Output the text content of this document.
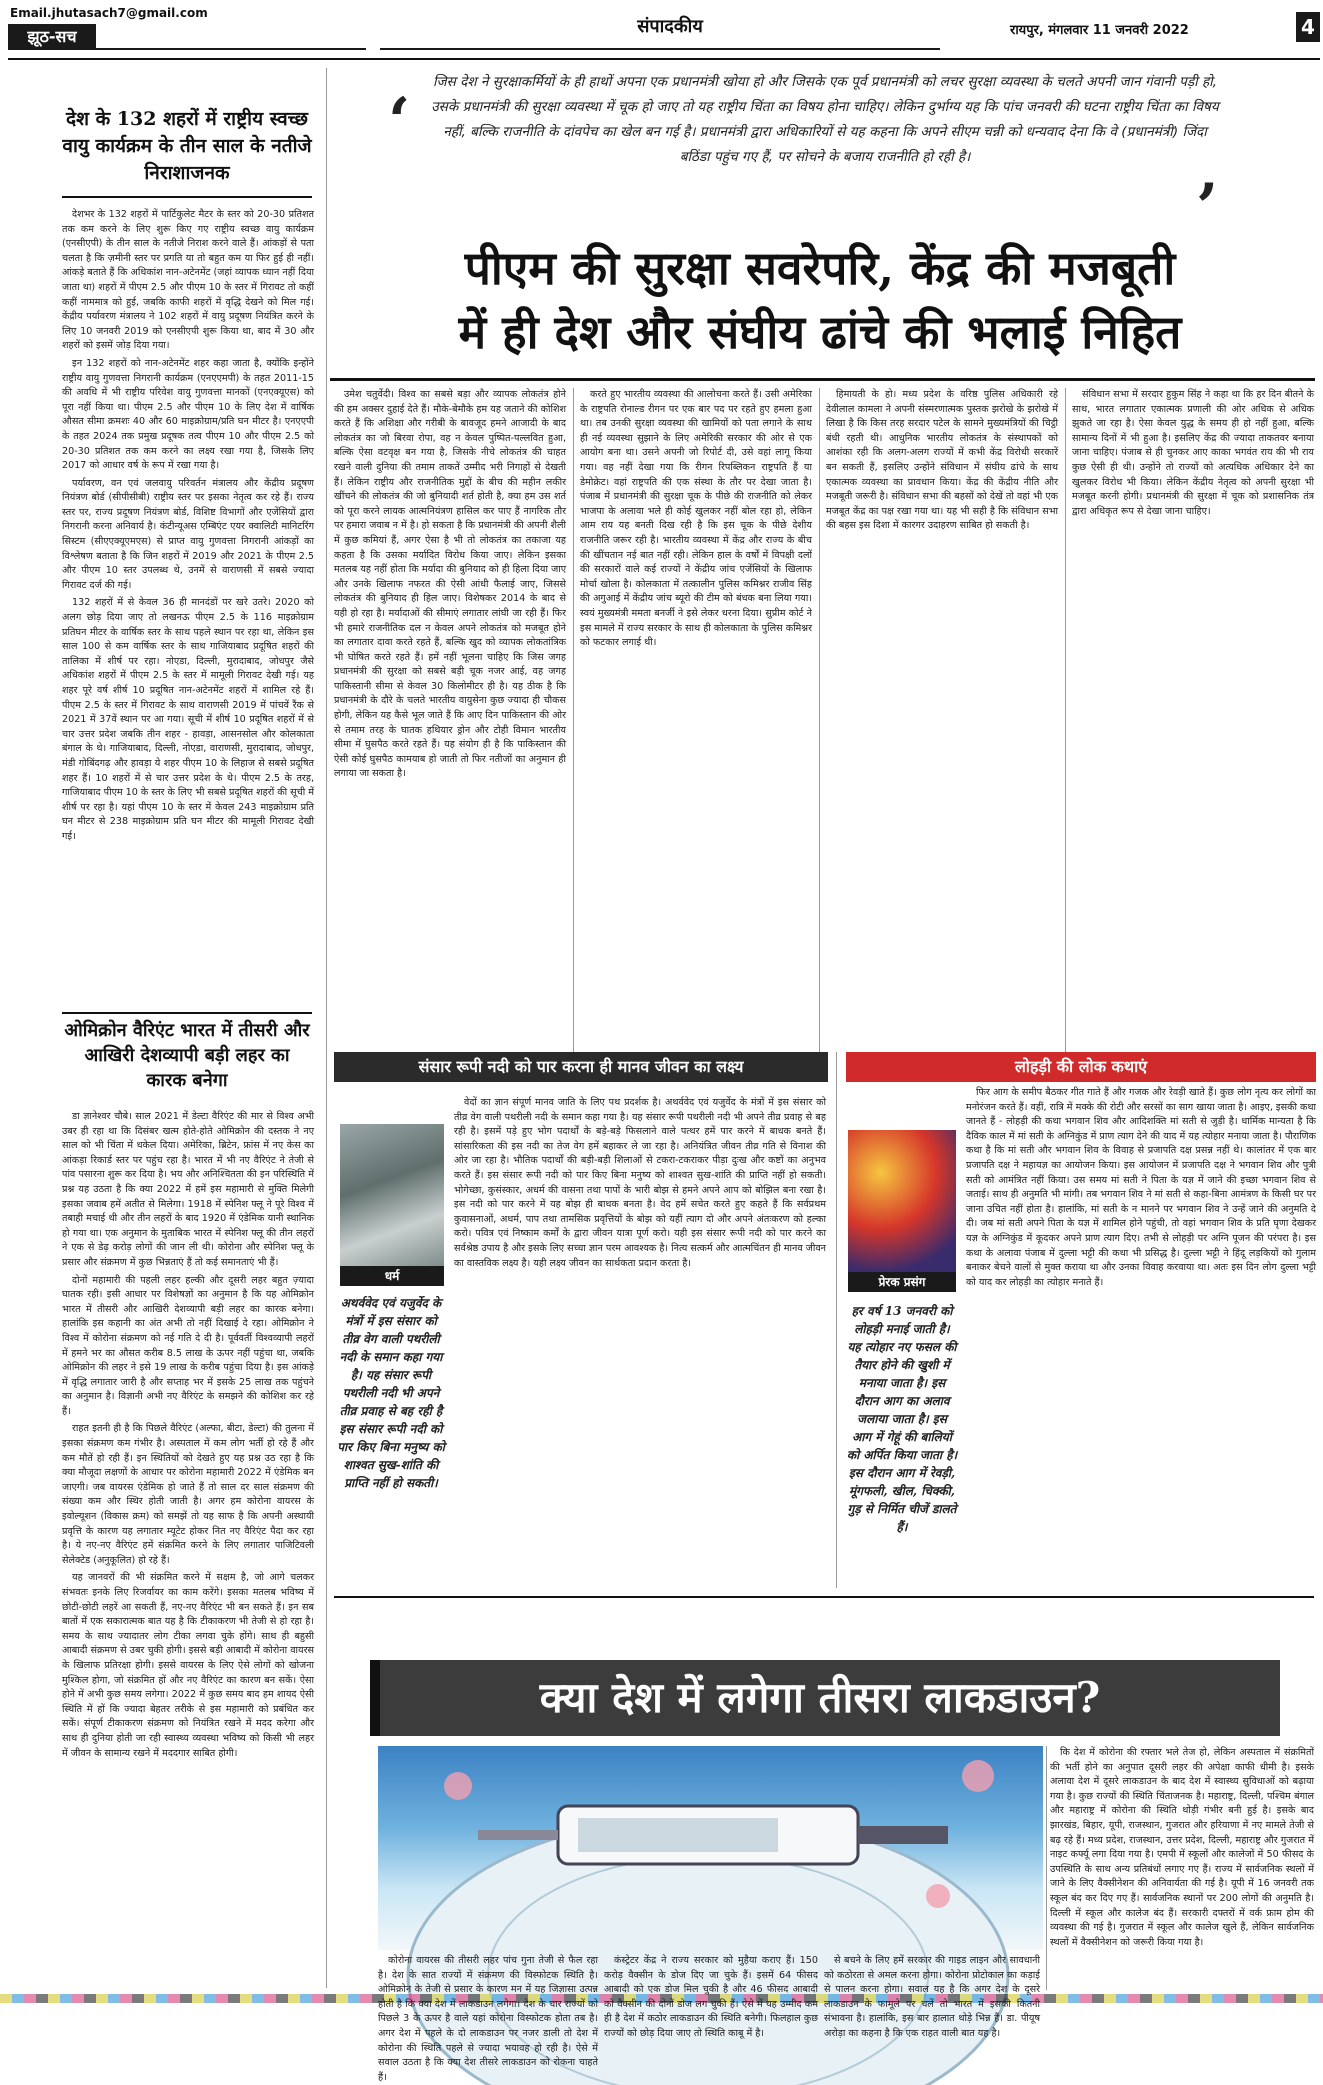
Email.jhutasach7@gmail.com
झूठ-सच	संपादकीय	रायपुर, मंगलवार 11 जनवरी 2022	4
देश के 132 शहरों में राष्ट्रीय स्वच्छ वायु कार्यक्रम के तीन साल के नतीजे निराशाजनक

देशभर के 132 शहरों में पार्टिकुलेट मैटर के स्तर को 20-30 प्रतिशत तक कम करने के लिए शुरू किए गए राष्ट्रीय स्वच्छ वायु कार्यक्रम (एनसीएपी) के तीन साल के नतीजे निराश करने वाले हैं। आंकड़ों से पता चलता है कि ज़मीनी स्तर पर प्रगति या तो बहुत कम या फिर हुई ही नहीं। आंकड़े बताते हैं कि अधिकांश नान-अटेनमेंट (जहां व्यापक ध्यान नहीं दिया जाता था) शहरों में पीएम 2.5 और पीएम 10 के स्तर में गिरावट तो कहीं कहीं नाममात्र को हुई, जबकि काफी शहरों में वृद्धि देखने को मिल गई। केंद्रीय पर्यावरण मंत्रालय ने 102 शहरों में वायु प्रदूषण नियंत्रित करने के लिए 10 जनवरी 2019 को एनसीएपी शुरू किया था, बाद में 30 और शहरों को इसमें जोड़ दिया गया।

इन 132 शहरों को नान-अटेनमेंट शहर कहा जाता है, क्योंकि इन्होंने राष्ट्रीय वायु गुणवत्ता निगरानी कार्यक्रम (एनएएमपी) के तहत 2011-15 की अवधि में भी राष्ट्रीय परिवेश वायु गुणवत्ता मानकों (एनएक्यूएस) को पूरा नहीं किया था। पीएम 2.5 और पीएम 10 के लिए देश में वार्षिक औसत सीमा क्रमशः 40 और 60 माइक्रोग्राम/प्रति घन मीटर है। एनएएपी के तहत 2024 तक प्रमुख प्रदूषक तत्व पीएम 10 और पीएम 2.5 को 20-30 प्रतिशत तक कम करने का लक्ष्य रखा गया है, जिसके लिए 2017 को आधार वर्ष के रूप में रखा गया है।

पर्यावरण, वन एवं जलवायु परिवर्तन मंत्रालय और केंद्रीय प्रदूषण नियंत्रण बोर्ड (सीपीसीबी) राष्ट्रीय स्तर पर इसका नेतृत्व कर रहे हैं। राज्य स्तर पर, राज्य प्रदूषण नियंत्रण बोर्ड, विशिष्ट विभागों और एजेंसियों द्वारा निगरानी करना अनिवार्य है। कंटीन्यूअस एम्बिएंट एयर क्वालिटी मानिटरिंग सिस्टम (सीएएक्यूएमएस) से प्राप्त वायु गुणवत्ता निगरानी आंकड़ों का विश्लेषण बताता है कि जिन शहरों में 2019 और 2021 के पीएम 2.5 और पीएम 10 स्तर उपलब्ध थे, उनमें से वाराणसी में सबसे ज्यादा गिरावट दर्ज की गई।

132 शहरों में से केवल 36 ही मानदंडों पर खरे उतरे। 2020 को अलग छोड़ दिया जाए तो लखनऊ पीएम 2.5 के 116 माइक्रोग्राम प्रतिघन मीटर के वार्षिक स्तर के साथ पहले स्थान पर रहा था, लेकिन इस साल 100 से कम वार्षिक स्तर के साथ गाजियाबाद प्रदूषित शहरों की तालिका में शीर्ष पर रहा। नोएडा, दिल्ली, मुरादाबाद, जोधपुर जैसे अधिकांश शहरों में पीएम 2.5 के स्तर में मामूली गिरावट देखी गई। यह शहर पूरे वर्ष शीर्ष 10 प्रदूषित नान-अटेनमेंट शहरों में शामिल रहे हैं। पीएम 2.5 के स्तर में गिरावट के साथ वाराणसी 2019 में पांचवें रैंक से 2021 में 37वें स्थान पर आ गया। सूची में शीर्ष 10 प्रदूषित शहरों में से चार उत्तर प्रदेश जबकि तीन शहर - हावड़ा, आसनसोल और कोलकाता बंगाल के थे। गाजियाबाद, दिल्ली, नोएडा, वाराणसी, मुरादाबाद, जोधपुर, मंडी गोबिंदगढ़ और हावड़ा ये शहर पीएम 10 के लिहाज से सबसे प्रदूषित शहर हैं। 10 शहरों में से चार उत्तर प्रदेश के थे। पीएम 2.5 के तरह, गाजियाबाद पीएम 10 के स्तर के लिए भी सबसे प्रदूषित शहरों की सूची में शीर्ष पर रहा है। यहां पीएम 10 के स्तर में केवल 243 माइक्रोग्राम प्रति घन मीटर से 238 माइक्रोग्राम प्रति घन मीटर की मामूली गिरावट देखी गई।

ओमिक्रोन वैरिएंट भारत में तीसरी और आखिरी देशव्यापी बड़ी लहर का कारक बनेगा

डा ज्ञानेश्वर चौबे। साल 2021 में डेल्टा वैरिएंट की मार से विश्व अभी उबर ही रहा था कि दिसंबर खत्म होते-होते ओमिक्रोन की दस्तक ने नए साल को भी चिंता में धकेल दिया। अमेरिका, ब्रिटेन, फ्रांस में नए केस का आंकड़ा रिकार्ड स्तर पर पहुंच रहा है। भारत में भी नए वैरिएंट ने तेजी से पांव पसारना शुरू कर दिया है। भय और अनिश्चितता की इन परिस्थिति में प्रश्न यह उठता है कि क्या 2022 में हमें इस महामारी से मुक्ति मिलेगी इसका जवाब हमें अतीत से मिलेगा। 1918 में स्पेनिश फ्लू ने पूरे विश्व में तबाही मचाई थी और तीन लहरों के बाद 1920 में एंडेमिक यानी स्थानिक हो गया था। एक अनुमान के मुताबिक भारत में स्पेनिश फ्लू की तीन लहरों ने एक से डेढ़ करोड़ लोगों की जान ली थी। कोरोना और स्पेनिश फ्लू के प्रसार और संक्रमण में कुछ भिन्नताएं हैं तो कई समानताएं भी हैं।

दोनों महामारी की पहली लहर हल्की और दूसरी लहर बहुत ज़्यादा घातक रही। इसी आधार पर विशेषज्ञों का अनुमान है कि यह ओमिक्रोन भारत में तीसरी और आखिरी देशव्यापी बड़ी लहर का कारक बनेगा। हालांकि इस कहानी का अंत अभी तो नहीं दिखाई दे रहा। ओमिक्रोन ने विश्व में कोरोना संक्रमण को नई गति दे दी है। पूर्ववर्ती विश्वव्यापी लहरों में हमने भर का औसत करीब 8.5 लाख के ऊपर नहीं पहुंचा था, जबकि ओमिक्रोन की लहर ने इसे 19 लाख के करीब पहुंचा दिया है। इस आंकड़े में वृद्धि लगातार जारी है और सप्ताह भर में इसके 25 लाख तक पहुंचने का अनुमान है। विज्ञानी अभी नए वैरिएंट के समझने की कोशिश कर रहे हैं।

राहत इतनी ही है कि पिछले वैरिएंट (अल्फा, बीटा, डेल्टा) की तुलना में इसका संक्रमण कम गंभीर है। अस्पताल में कम लोग भर्ती हो रहे हैं और कम मौतें हो रही हैं। इन स्थितियों को देखते हुए यह प्रश्न उठ रहा है कि क्या मौजूदा लक्षणों के आधार पर कोरोना महामारी 2022 में एंडेमिक बन जाएगी। जब वायरस एंडेमिक हो जाते हैं तो साल दर साल संक्रमण की संख्या कम और स्थिर होती जाती है। अगर हम कोरोना वायरस के इवोल्यूशन (विकास क्रम) को समझें तो यह साफ है कि अपनी अस्थायी प्रवृत्ति के कारण यह लगातार म्यूटेट होकर नित नए वैरिएंट पैदा कर रहा है। ये नए-नए वैरिएंट हमें संक्रमित करने के लिए लगातार पाजिटिवली सेलेक्टेड (अनुकूलित) हो रहे हैं।

यह जानवरों की भी संक्रमित करने में सक्षम है, जो आगे चलकर संभवतः इनके लिए रिजर्वायर का काम करेंगे। इसका मतलब भविष्य में छोटी-छोटी लहरें आ सकती हैं, नए-नए वैरिएंट भी बन सकते हैं। इन सब बातों में एक सकारात्मक बात यह है कि टीकाकरण भी तेजी से हो रहा है। समय के साथ ज्यादातर लोग टीका लगवा चुके होंगे। साथ ही बहुसी आबादी संक्रमण से उबर चुकी होगी। इससे बड़ी आबादी में कोरोना वायरस के खिलाफ प्रतिरक्षा होगी। इससे वायरस के लिए ऐसे लोगों को खोजना मुश्किल होगा, जो संक्रमित हों और नए वैरिएंट का कारण बन सकें। ऐसा होने में अभी कुछ समय लगेगा। 2022 में कुछ समय बाद हम शायद ऐसी स्थिति में हों कि ज्यादा बेहतर तरीके से इस महामारी को प्रबंधित कर सकें। संपूर्ण टीकाकरण संक्रमण को नियंत्रित रखने में मदद करेगा और साथ ही दुनिया होती जा रही स्वास्थ्य व्यवस्था भविष्य को किसी भी लहर में जीवन के सामान्य रखने में मददगार साबित होगी।

‘
जिस देश ने सुरक्षाकर्मियों के ही हाथों अपना एक प्रधानमंत्री खोया हो और जिसके एक पूर्व प्रधानमंत्री को लचर सुरक्षा व्यवस्था के चलते अपनी जान गंवानी पड़ी हो, उसके प्रधानमंत्री की सुरक्षा व्यवस्था में चूक हो जाए तो यह राष्ट्रीय चिंता का विषय होना चाहिए। लेकिन दुर्भाग्य यह कि पांच जनवरी की घटना राष्ट्रीय चिंता का विषय नहीं, बल्कि राजनीति के दांवपेच का खेल बन गई है। प्रधानमंत्री द्वारा अधिकारियों से यह कहना कि अपने सीएम चन्नी को धन्यवाद देना कि वे (प्रधानमंत्री) जिंदा बठिंडा पहुंच गए हैं, पर सोचने के बजाय राजनीति हो रही है।
’
पीएम की सुरक्षा सवरेपरि, केंद्र की मजबूती
में ही देश और संघीय ढांचे की भलाई निहित

उमेश चतुर्वेदी। विश्व का सबसे बड़ा और व्यापक लोकतंत्र होने की हम अक्सर दुहाई देते हैं। मौके-बेमौके हम यह जताने की कोशिश करते हैं कि अशिक्षा और गरीबी के बावजूद हमने आजादी के बाद लोकतंत्र का जो बिरवा रोपा, वह न केवल पुष्पित-पल्लवित हुआ, बल्कि ऐसा वटवृक्ष बन गया है, जिसके नीचे लोकतंत्र की चाहत रखने वाली दुनिया की तमाम ताकतें उम्मीद भरी निगाहों से देखती हैं। लेकिन राष्ट्रीय और राजनीतिक मुद्दों के बीच की महीन लकीर खींचने की लोकतंत्र की जो बुनियादी शर्त होती है, क्या हम उस शर्त को पूरा करने लायक आत्मनियंत्रण हासिल कर पाए हैं नागरिक तौर पर हमारा जवाब न में है। हो सकता है कि प्रधानमंत्री की अपनी शैली में कुछ कमियां हैं, अगर ऐसा है भी तो लोकतंत्र का तकाजा यह कहता है कि उसका मर्यादित विरोध किया जाए। लेकिन इसका मतलब यह नहीं होता कि मर्यादा की बुनियाद को ही हिला दिया जाए और उनके खिलाफ नफरत की ऐसी आंधी फैलाई जाए, जिससे लोकतंत्र की बुनियाद ही हिल जाए। विशेषकर 2014 के बाद से यही हो रहा है। मर्यादाओं की सीमाएं लगातार लांघी जा रही हैं। फिर भी हमारे राजनीतिक दल न केवल अपने लोकतंत्र को मजबूत होने का लगातार दावा करते रहते हैं, बल्कि खुद को व्यापक लोकतांत्रिक भी घोषित करते रहते हैं। हमें नहीं भूलना चाहिए कि जिस जगह प्रधानमंत्री की सुरक्षा को सबसे बड़ी चूक नजर आई, वह जगह पाकिस्तानी सीमा से केवल 30 किलोमीटर ही है। यह ठीक है कि प्रधानमंत्री के दौरे के चलते भारतीय वायुसेना कुछ ज्यादा ही चौकस होगी, लेकिन यह कैसे भूल जाते हैं कि आए दिन पाकिस्तान की ओर से तमाम तरह के घातक हथियार ड्रोन और टोही विमान भारतीय सीमा में घुसपैठ करते रहते हैं। यह संयोग ही है कि पाकिस्तान की ऐसी कोई घुसपैठ कामयाब हो जाती तो फिर नतीजों का अनुमान ही लगाया जा सकता है।

करते हुए भारतीय व्यवस्था की आलोचना करते हैं। उसी अमेरिका के राष्ट्रपति रोनाल्ड रीगन पर एक बार पद पर रहते हुए हमला हुआ था। तब उनकी सुरक्षा व्यवस्था की खामियों को पता लगाने के साथ ही नई व्यवस्था सुझाने के लिए अमेरिकी सरकार की ओर से एक आयोग बना था। उसने अपनी जो रिपोर्ट दी, उसे वहां लागू किया गया। वह नहीं देखा गया कि रीगन रिपब्लिकन राष्ट्रपति हैं या डेमोक्रेट। वहां राष्ट्रपति की एक संस्था के तौर पर देखा जाता है। पंजाब में प्रधानमंत्री की सुरक्षा चूक के पीछे की राजनीति को लेकर भाजपा के अलावा भले ही कोई खुलकर नहीं बोल रहा हो, लेकिन आम राय यह बनती दिख रही है कि इस चूक के पीछे देशीय राजनीति जरूर रही है। भारतीय व्यवस्था में केंद्र और राज्य के बीच की खींचतान नई बात नहीं रही। लेकिन हाल के वर्षों में विपक्षी दलों की सरकारों वाले कई राज्यों ने केंद्रीय जांच एजेंसियों के खिलाफ मोर्चा खोला है। कोलकाता में तत्कालीन पुलिस कमिश्नर राजीव सिंह की अगुआई में केंद्रीय जांच ब्यूरो की टीम को बंधक बना लिया गया। स्वयं मुख्यमंत्री ममता बनर्जी ने इसे लेकर धरना दिया। सुप्रीम कोर्ट ने इस मामले में राज्य सरकार के साथ ही कोलकाता के पुलिस कमिश्नर को फटकार लगाई थी।

हिमायती के हो। मध्य प्रदेश के वरिष्ठ पुलिस अधिकारी रहे देवीलाल कामला ने अपनी संस्मरणात्मक पुस्तक झरोखे के झरोखे में लिखा है कि किस तरह सरदार पटेल के सामने मुख्यमंत्रियों की चिट्ठी बंधी रहती थी। आधुनिक भारतीय लोकतंत्र के संस्थापकों को आशंका रही कि अलग-अलग राज्यों में कभी केंद्र विरोधी सरकारें बन सकती हैं, इसलिए उन्होंने संविधान में संघीय ढांचे के साथ एकात्मक व्यवस्था का प्रावधान किया। केंद्र की केंद्रीय नीति और मजबूती जरूरी है। संविधान सभा की बहसों को देखें तो वहां भी एक मजबूत केंद्र का पक्ष रखा गया था। यह भी सही है कि संविधान सभा की बहस इस दिशा में कारगर उदाहरण साबित हो सकती है।

संविधान सभा में सरदार हुकुम सिंह ने कहा था कि हर दिन बीतने के साथ, भारत लगातार एकात्मक प्रणाली की ओर अधिक से अधिक झुकते जा रहा है। ऐसा केवल युद्ध के समय ही हो नहीं हुआ, बल्कि सामान्य दिनों में भी हुआ है। इसलिए केंद्र की ज्यादा ताकतवर बनाया जाना चाहिए। पंजाब से ही चुनकर आए काका भगवंत राय की भी राय कुछ ऐसी ही थी। उन्होंने तो राज्यों को अत्यधिक अधिकार देने का खुलकर विरोध भी किया। लेकिन केंद्रीय नेतृत्व को अपनी सुरक्षा भी मजबूत करनी होगी। प्रधानमंत्री की सुरक्षा में चूक को प्रशासनिक तंत्र द्वारा अधिकृत रूप से देखा जाना चाहिए।

संसार रूपी नदी को पार करना ही मानव जीवन का लक्ष्य
धर्म
अथर्ववेद एवं यजुर्वेद के मंत्रों में इस संसार को तीव्र वेग वाली पथरीली नदी के समान कहा गया है। यह संसार रूपी पथरीली नदी भी अपने तीव्र प्रवाह से बह रही है इस संसार रूपी नदी को पार किए बिना मनुष्य को शाश्वत सुख-शांति की प्राप्ति नहीं हो सकती।

वेदों का ज्ञान संपूर्ण मानव जाति के लिए पथ प्रदर्शक है। अथर्ववेद एवं यजुर्वेद के मंत्रों में इस संसार को तीव्र वेग वाली पथरीली नदी के समान कहा गया है। यह संसार रूपी पथरीली नदी भी अपने तीव्र प्रवाह से बह रही है। इसमें पड़े हुए भोग पदार्थों के बड़े-बड़े फिसलाने वाले पत्थर हमें पार करने में बाधक बनते हैं। सांसारिकता की इस नदी का तेज वेग हमें बहाकर ले जा रहा है। अनियंत्रित जीवन तीव्र गति से विनाश की ओर जा रहा है। भौतिक पदार्थों की बड़ी-बड़ी शिलाओं से टकरा-टकराकर पीड़ा दुःख और कष्टों का अनुभव करते हैं। इस संसार रूपी नदी को पार किए बिना मनुष्य को शाश्वत सुख-शांति की प्राप्ति नहीं हो सकती। भोगेच्छा, कुसंस्कार, अधर्म की वासना तथा पापों के भारी बोझ से हमने अपने आप को बोझिल बना रखा है। इस नदी को पार करने में यह बोझ ही बाधक बनता है। वेद हमें सचेत करते हुए कहते हैं कि सर्वप्रथम कुवासनाओं, अधर्म, पाप तथा तामसिक प्रवृत्तियों के बोझ को यहीं त्याग दो और अपने अंतःकरण को हल्का करो। पवित्र एवं निष्काम कर्मों के द्वारा जीवन यात्रा पूर्ण करो। यही इस संसार रूपी नदी को पार करने का सर्वश्रेष्ठ उपाय है और इसके लिए सच्चा ज्ञान परम आवश्यक है। नित्य सत्कर्म और आत्मचिंतन ही मानव जीवन का वास्तविक लक्ष्य है। यही लक्ष्य जीवन का सार्थकता प्रदान करता है।

लोहड़ी की लोक कथाएं
प्रेरक प्रसंग
हर वर्ष 13 जनवरी को लोहड़ी मनाई जाती है। यह त्योहार नए फसल की तैयार होने की खुशी में मनाया जाता है। इस दौरान आग का अलाव जलाया जाता है। इस आग में गेहूं की बालियों को अर्पित किया जाता है। इस दौरान आग में रेवड़ी, मूंगफली, खील, चिक्की, गुड़ से निर्मित चीजें डालते हैं।

फिर आग के समीप बैठकर गीत गाते हैं और गजक और रेवड़ी खाते हैं। कुछ लोग नृत्य कर लोगों का मनोरंजन करते हैं। वहीं, रात्रि में मक्के की रोटी और सरसों का साग खाया जाता है। आइए, इसकी कथा जानते हैं - लोहड़ी की कथा भगवान शिव और आदिशक्ति मां सती से जुड़ी है। धार्मिक मान्यता है कि दैविक काल में मां सती के अग्निकुंड में प्राण त्याग देने की याद में यह त्योहार मनाया जाता है। पौराणिक कथा है कि मां सती और भगवान शिव के विवाह से प्रजापति दक्ष प्रसन्न नहीं थे। कालांतर में एक बार प्रजापति दक्ष ने महायज्ञ का आयोजन किया। इस आयोजन में प्रजापति दक्ष ने भगवान शिव और पुत्री सती को आमंत्रित नहीं किया। उस समय मां सती ने पिता के यज्ञ में जाने की इच्छा भगवान शिव से जताई। साथ ही अनुमति भी मांगी। तब भगवान शिव ने मां सती से कहा-बिना आमंत्रण के किसी घर पर जाना उचित नहीं होता है। हालांकि, मां सती के न मानने पर भगवान शिव ने उन्हें जाने की अनुमति दे दी। जब मां सती अपने पिता के यज्ञ में शामिल होने पहुंची, तो वहां भगवान शिव के प्रति घृणा देखकर यज्ञ के अग्निकुंड में कूदकर अपने प्राण त्याग दिए। तभी से लोहड़ी पर अग्नि पूजन की परंपरा है। इस कथा के अलावा पंजाब में दुल्ला भट्टी की कथा भी प्रसिद्ध है। दुल्ला भट्टी ने हिंदू लड़कियों को गुलाम बनाकर बेचने वालों से मुक्त कराया था और उनका विवाह करवाया था। अतः इस दिन लोग दुल्ला भट्टी को याद कर लोहड़ी का त्योहार मनाते हैं।

क्या देश में लगेगा तीसरा लाकडाउन?

कि देश में कोरोना की रफ्तार भले तेज हो, लेकिन अस्पताल में संक्रमितों की भर्ती होने का अनुपात दूसरी लहर की अपेक्षा काफी धीमी है। इसके अलावा देश में दूसरे लाकडाउन के बाद देश में स्वास्थ्य सुविधाओं को बढ़ाया गया है। कुछ राज्यों की स्थिति चिंताजनक है। महाराष्ट्र, दिल्ली, पश्चिम बंगाल और महाराष्ट्र में कोरोना की स्थिति थोड़ी गंभीर बनी हुई है। इसके बाद झारखंड, बिहार, यूपी, राजस्थान, गुजरात और हरियाणा में नए मामले तेजी से बढ़ रहे हैं। मध्य प्रदेश, राजस्थान, उत्तर प्रदेश, दिल्ली, महाराष्ट्र और गुजरात में नाइट कर्फ्यू लगा दिया गया है। एमपी में स्कूलों और कालेजों में 50 फीसद के उपस्थिति के साथ अन्य प्रतिबंधों लगाए गए हैं। राज्य में सार्वजनिक स्थलों में जाने के लिए वैक्सीनेशन की अनिवार्यता की गई है। यूपी में 16 जनवरी तक स्कूल बंद कर दिए गए हैं। सार्वजनिक स्थानों पर 200 लोगों की अनुमति है। दिल्ली में स्कूल और कालेज बंद हैं। सरकारी दफ्तरों में वर्क फ्राम होम की व्यवस्था की गई है। गुजरात में स्कूल और कालेज खुले हैं, लेकिन सार्वजनिक स्थलों में वैक्सीनेशन को जरूरी किया गया है।

कोरोना वायरस की तीसरी लहर पांच गुना तेजी से फैल रहा है। देश के सात राज्यों में संक्रमण की विस्फोटक स्थिति है। ओमिक्रोन के तेजी से प्रसार के कारण मन में यह जिज्ञासा उत्पन्न होती है कि क्या देश में लाकडाउन लगेगा। देश के चार राज्यों को पिछले 3 के ऊपर है वाले यहां कोरोना विस्फोटक होता तब है। अगर देश में पहले के दो लाकडाउन पर नजर डाली तो देश में कोरोना की स्थिति पहले से ज्यादा भयावह हो रही है। ऐसे में सवाल उठता है कि क्या देश तीसरे लाकडाउन को रोकना चाहते हैं।

कंस्ट्रेटर केंद्र ने राज्य सरकार को मुहैया कराए हैं। 150 करोड़ वैक्सीन के डोज दिए जा चुके हैं। इसमें 64 फीसद आबादी को एक डोज मिल चुकी है और 46 फीसद आबादी को वैक्सीन की दोनों डोज लग चुकी हैं। ऐसे में यह उम्मीद कम ही है देश में कठोर लाकडाउन की स्थिति बनेगी। फिलहाल कुछ राज्यों को छोड़ दिया जाए तो स्थिति काबू में है।

से बचने के लिए हमें सरकार की गाइड लाइन और सावधानी को कठोरता से अमल करना होगा। कोरोना प्रोटोकाल का कड़ाई से पालन करना होगा। सवाल यह है कि अगर देश के दूसरे लाकडाउन के फामूले पर चलें तो भारत में इसकी कितनी संभावना है। हालांकि, इस बार हालात थोड़े भिन्न हैं। डा. पीयूष अरोड़ा का कहना है कि एक राहत वाली बात यह है।
